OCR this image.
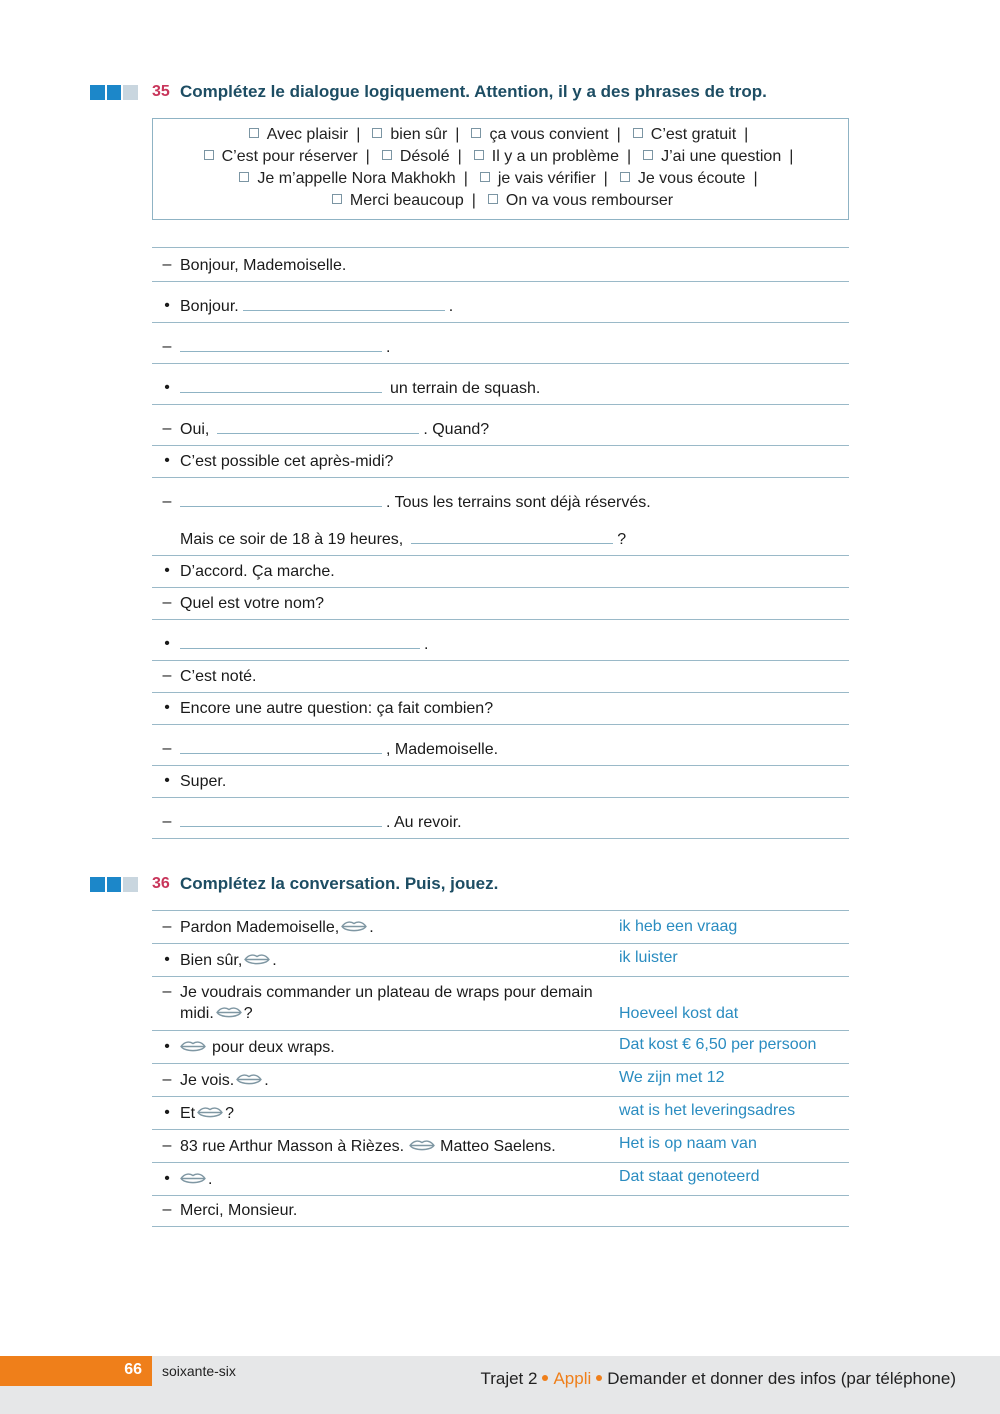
35 Complétez le dialogue logiquement. Attention, il y a des phrases de trop.
Avec plaisir | bien sûr | ça vous convient | C’est gratuit |
C’est pour réserver | Désolé | Il y a un problème | J’ai une question |
Je m’appelle Nora Makhokh | je vais vérifier | Je vous écoute |
Merci beaucoup | On va vous rembourser
– Bonjour, Mademoiselle.
• Bonjour.	.
–	.
•	un terrain de squash.
– Oui,	. Quand?
• C’est possible cet après-midi?
–	. Tous les terrains sont déjà réservés.
Mais ce soir de 18 à 19 heures,	?
• D’accord. Ça marche.
– Quel est votre nom?
•	.
– C’est noté.
• Encore une autre question: ça fait combien?
–	, Mademoiselle.
• Super.
–	. Au revoir.
36 Complétez la conversation. Puis, jouez.
– Pardon Mademoiselle, .	ik heb een vraag
• Bien sûr, .	ik luister
– Je voudrais commander un plateau de wraps pour demain
midi. ?	Hoeveel kost dat
•	pour deux wraps.	Dat kost € 6,50 per persoon
– Je vois. .	We zijn met 12
• Et ?	wat is het leveringsadres
– 83 rue Arthur Masson à Rièzes. Matteo Saelens.	Het is op naam van
•	.	Dat staat genoteerd
– Merci, Monsieur.
66 soixante-six	Trajet 2 Appli Demander et donner des infos (par téléphone)
